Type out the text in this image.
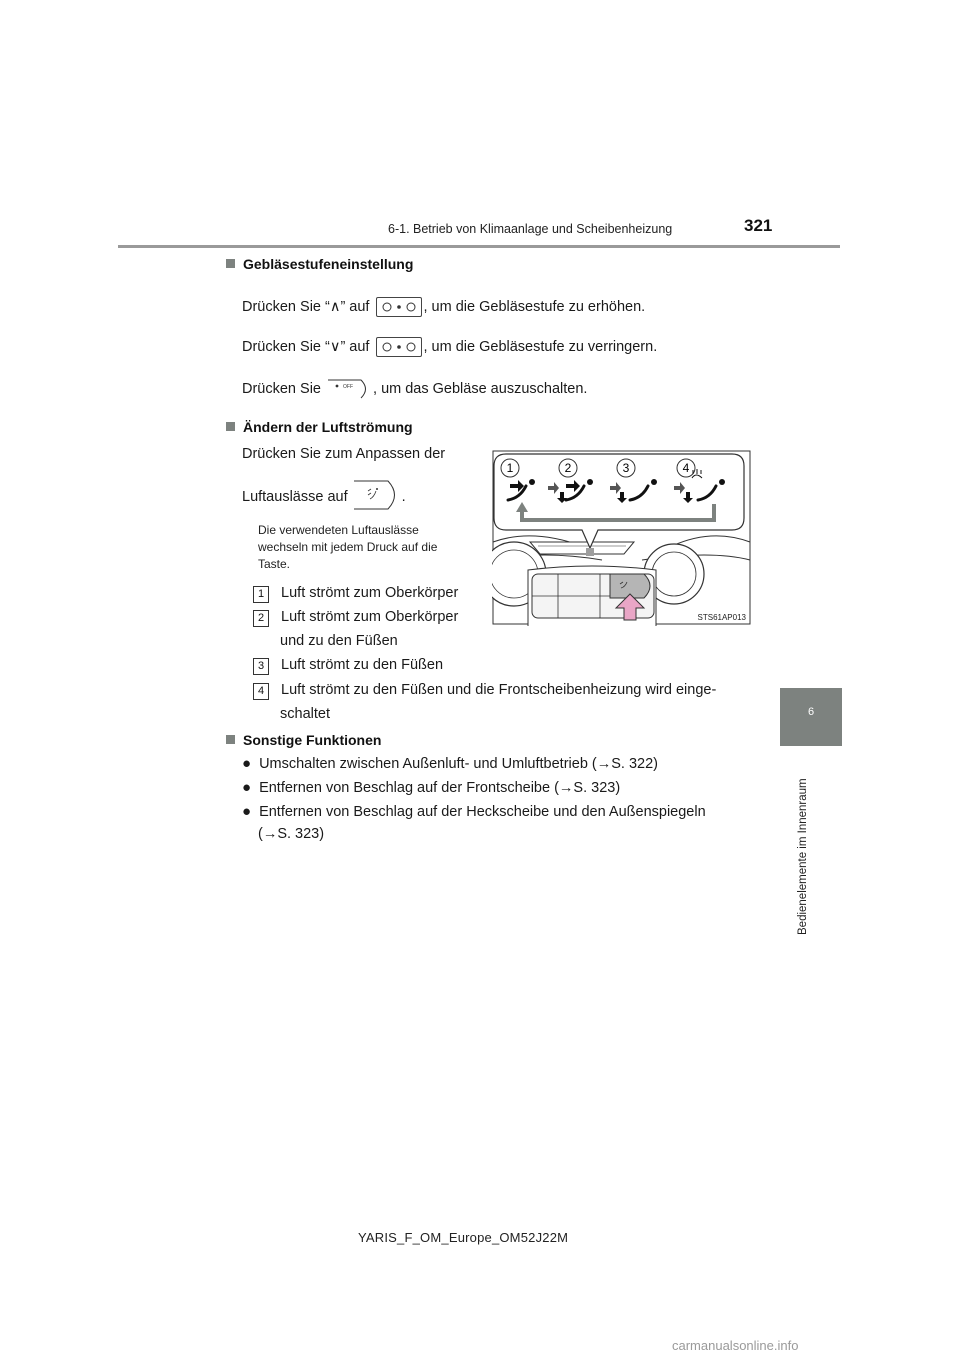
6-1. Betrieb von Klimaanlage und Scheibenheizung	321
6
Bedienelemente im Innenraum
Gebläsestufeneinstellung
Drücken Sie “∧” auf	, um die Gebläsestufe zu erhöhen.
Drücken Sie “∨” auf	, um die Gebläsestufe zu verringern.
Drücken Sie	OFF , um das Gebläse auszuschalten.
Ändern der Luftströmung
Drücken Sie zum Anpassen der
Luftauslässe auf	.
Die verwendeten Luftauslässe
wechseln mit jedem Druck auf die
Taste.
1 Luft strömt zum Oberkörper
2 Luft strömt zum Oberkörper
und zu den Füßen
3 Luft strömt zu den Füßen
4 Luft strömt zu den Füßen und die Frontscheibenheizung wird einge-
schaltet
1	2	3	4
STS61AP013
Sonstige Funktionen
● Umschalten zwischen Außenluft- und Umluftbetrieb (→S. 322)
● Entfernen von Beschlag auf der Frontscheibe (→S. 323)
● Entfernen von Beschlag auf der Heckscheibe und den Außenspiegeln
(→S. 323)
YARIS_F_OM_Europe_OM52J22M
carmanualsonline.info
